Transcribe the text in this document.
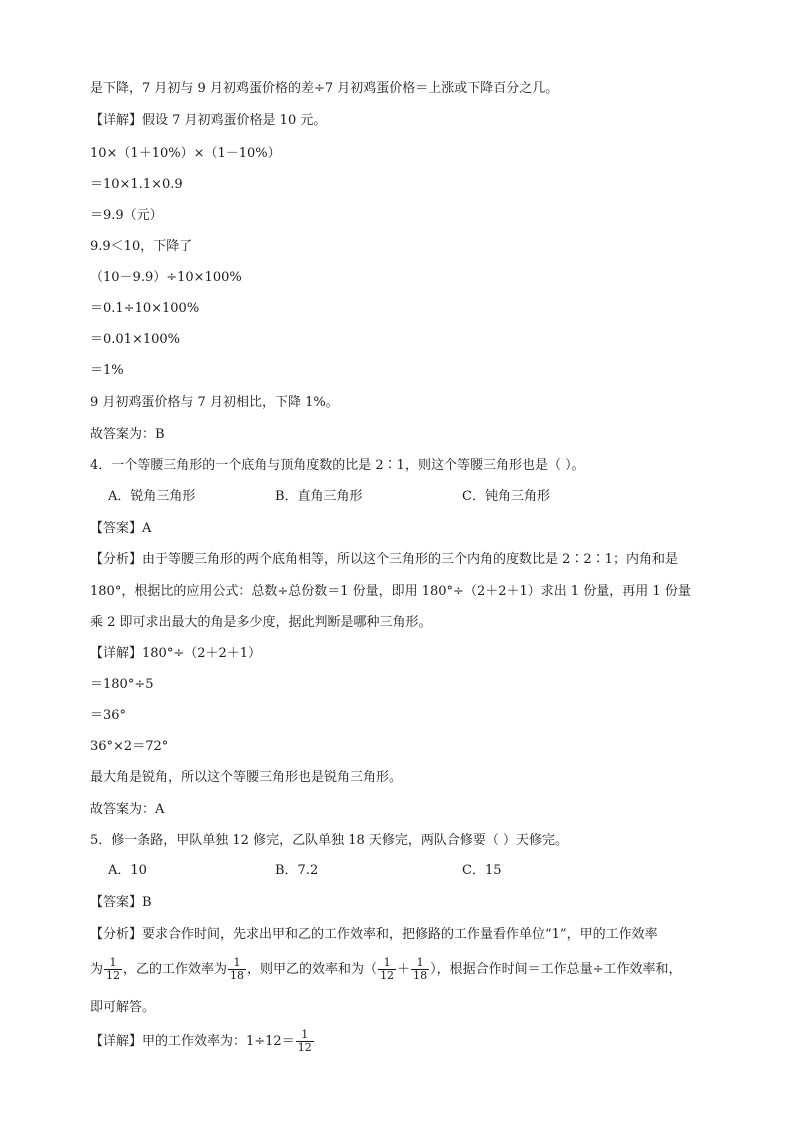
是下降，7 月初与 9 月初鸡蛋价格的差÷7 月初鸡蛋价格＝上涨或下降百分之几。
【详解】假设 7 月初鸡蛋价格是 10 元。
10×（1＋10%）×（1－10%）
＝10×1.1×0.9
＝9.9（元）
9.9＜10，下降了
（10－9.9）÷10×100%
＝0.1÷10×100%
＝0.01×100%
＝1%
9 月初鸡蛋价格与 7 月初相比，下降 1%。
故答案为：B
4．一个等腰三角形的一个底角与顶角度数的比是 2∶1，则这个等腰三角形也是（ ）。
A．锐角三角形	B．直角三角形	C．钝角三角形
【答案】A
【分析】由于等腰三角形的两个底角相等，所以这个三角形的三个内角的度数比是 2∶2∶1；内角和是
180°，根据比的应用公式：总数÷总份数＝1 份量，即用 180°÷（2＋2＋1）求出 1 份量，再用 1 份量
乘 2 即可求出最大的角是多少度，据此判断是哪种三角形。
【详解】180°÷（2＋2＋1）
＝180°÷5
＝36°
36°×2＝72°
最大角是锐角，所以这个等腰三角形也是锐角三角形。
故答案为：A
5．修一条路，甲队单独 12 修完，乙队单独 18 天修完，两队合修要（ ）天修完。
A．10	B．7.2	C．15
【答案】B
【分析】要求合作时间，先求出甲和乙的工作效率和，把修路的工作量看作单位“1”，甲的工作效率
为 $\frac{1}{12}$ ，乙的工作效率为 $\frac{1}{18}$ ，则甲乙的效率和为（ $\frac{1}{12} + \frac{1}{18}$ ），根据合作时间＝工作总量÷工作效率和，
即可解答。
【详解】甲的工作效率为：$1\div 12= \frac{1}{12}$
